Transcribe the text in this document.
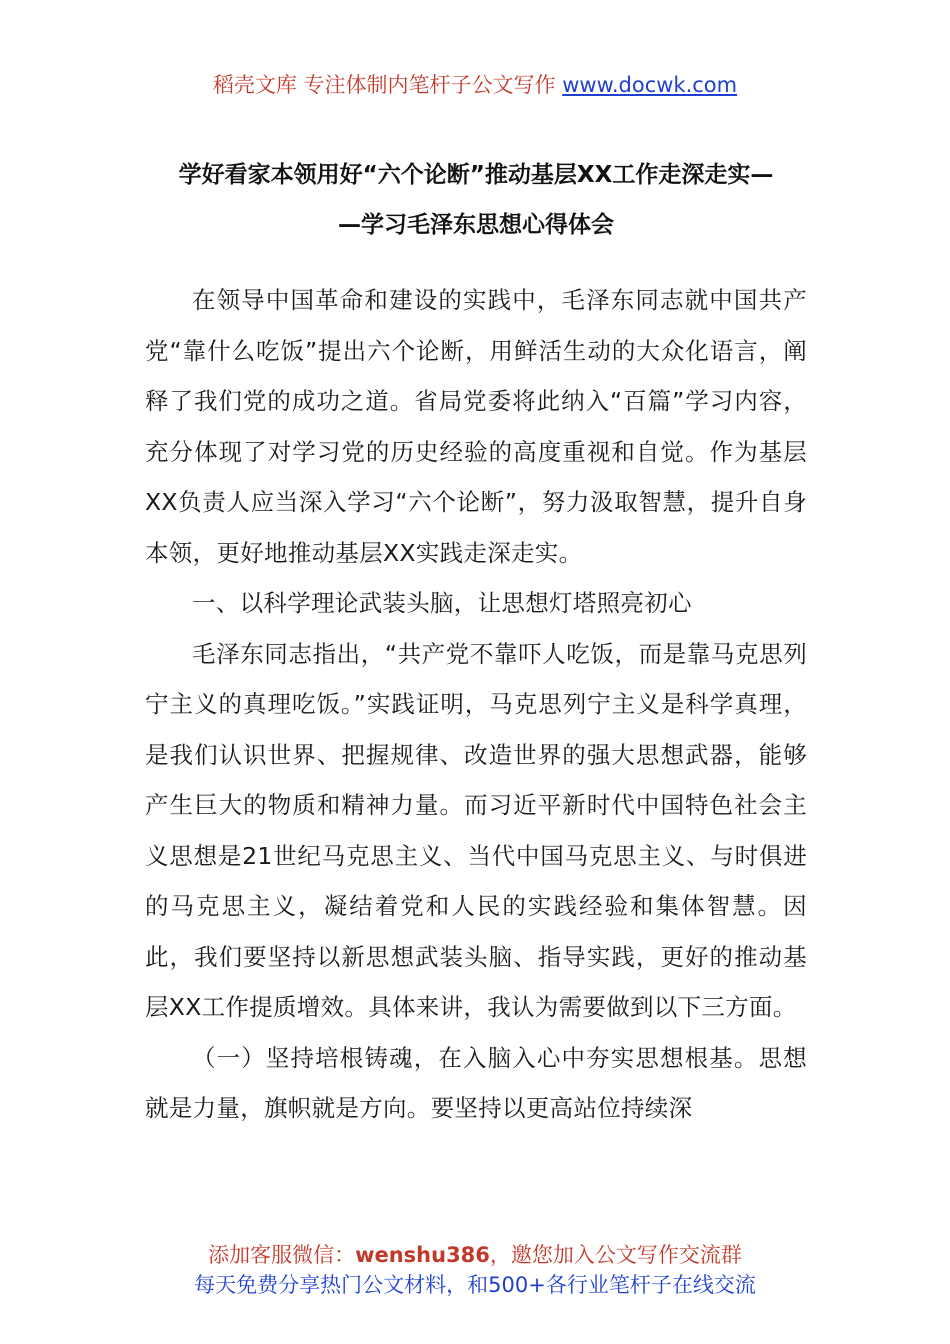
稻壳文库 专注体制内笔杆子公文写作 www.docwk.com
学好看家本领用好“六个论断”推动基层XX工作走深走实—
—学习毛泽东思想心得体会

在领导中国革命和建设的实践中，毛泽东同志就中国共产党“靠什么吃饭”提出六个论断，用鲜活生动的大众化语言，阐释了我们党的成功之道。省局党委将此纳入“百篇”学习内容，充分体现了对学习党的历史经验的高度重视和自觉。作为基层XX负责人应当深入学习“六个论断”，努力汲取智慧，提升自身本领，更好地推动基层XX实践走深走实。

一、以科学理论武装头脑，让思想灯塔照亮初心

毛泽东同志指出，“共产党不靠吓人吃饭，而是靠马克思列宁主义的真理吃饭。”实践证明，马克思列宁主义是科学真理，是我们认识世界、把握规律、改造世界的强大思想武器，能够产生巨大的物质和精神力量。而习近平新时代中国特色社会主义思想是21世纪马克思主义、当代中国马克思主义、与时俱进的马克思主义，凝结着党和人民的实践经验和集体智慧。因此，我们要坚持以新思想武装头脑、指导实践，更好的推动基层XX工作提质增效。具体来讲，我认为需要做到以下三方面。

（一）坚持培根铸魂，在入脑入心中夯实思想根基。思想就是力量，旗帜就是方向。要坚持以更高站位持续深

添加客服微信：wenshu386，邀您加入公文写作交流群
每天免费分享热门公文材料，和500+各行业笔杆子在线交流
